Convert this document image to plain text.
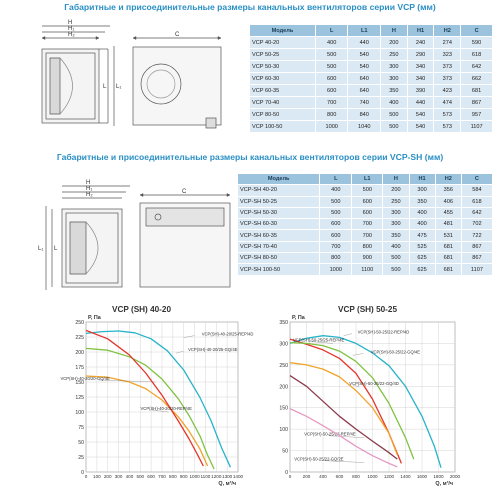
Габаритные и присоединительные размеры канальных вентиляторов серии VCP (мм)
H
H₁
H₂
L L₁
C
Модель	L	L1	H	H1	H2	C
VCP 40-20	400	440	200	240	274	590
VCP 50-25	500	540	250	290	323	618
VCP 50-30	500	540	300	340	373	642
VCP 60-30	600	640	300	340	373	662
VCP 60-35	600	640	350	390	423	681
VCP 70-40	700	740	400	440	474	867
VCP 80-50	800	840	500	540	573	957
VCP 100-50	1000	1040	500	540	573	1107
Габаритные и присоединительные размеры канальных вентиляторов серии VCP-SH (мм)
H
H₁
H₂
L₁ L
C
Модель	L	L1	H	H1	H2	C
VCP-SH 40-20	400	500	200	300	356	584
VCP-SH 50-25	500	600	250	350	406	618
VCP-SH 50-30	500	600	300	400	455	642
VCP-SH 60-30	600	700	300	400	481	702
VCP-SH 60-35	600	700	350	475	531	722
VCP-SH 70-40	700	800	400	525	681	867
VCP-SH 80-50	800	900	500	625	681	867
VCP-SH 100-50	1000	1100	500	625	681	1107
VCP (SH) 40-20	VCP (SH) 50-25
0
25
50
75
100
125
150
175
200
225
250
0 100 200 300 400 500 600 700 800 900 1000 1100 1200 1300 1400
P, Па
Q, м³/ч
VCP(SH)-40-20/25-REP/4D
VCP(SH)-40-20/25-GQ/4E
VCP(SH)-40-20/20-GQ/4E
VCP(SH)-40-20/20-REP/4E
0
50
100
150
200
250
300
350
0 200 400 600 800 1000 1200 1400 1600 1800 2000
P, Па
Q, м³/ч
VCP(SH)-50-25/22-REP/4D
VCP(SH)-50-25/25-REP/4E
VCP(SH)-50-25/22-GQ/4E
VCP(SH)-50-25/22-GQ/4D
VCP(SH)-50-25/22-REP/4E
VCP(SH)-50-25/22-GQ/2E
